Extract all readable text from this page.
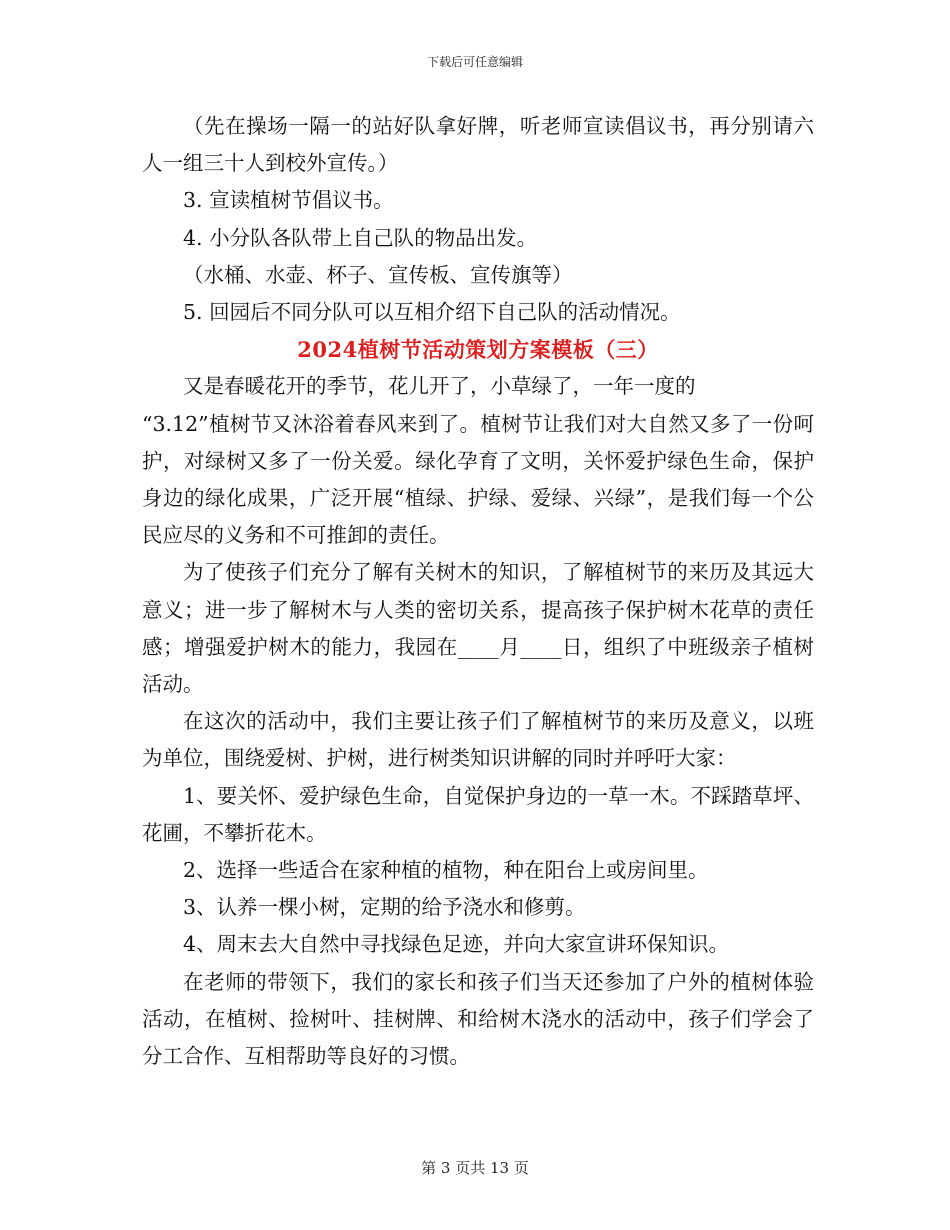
下载后可任意编辑

（先在操场一隔一的站好队拿好牌，听老师宣读倡议书，再分别请六人一组三十人到校外宣传。）

3. 宣读植树节倡议书。

4. 小分队各队带上自己队的物品出发。

（水桶、水壶、杯子、宣传板、宣传旗等）

5. 回园后不同分队可以互相介绍下自己队的活动情况。

2024植树节活动策划方案模板（三）

又是春暖花开的季节，花儿开了，小草绿了，一年一度的
“3.12”植树节又沐浴着春风来到了。植树节让我们对大自然又多了一份呵护，对绿树又多了一份关爱。绿化孕育了文明，关怀爱护绿色生命，保护身边的绿化成果，广泛开展“植绿、护绿、爱绿、兴绿”，是我们每一个公民应尽的义务和不可推卸的责任。

为了使孩子们充分了解有关树木的知识，了解植树节的来历及其远大意义；进一步了解树木与人类的密切关系，提高孩子保护树木花草的责任感；增强爱护树木的能力，我园在____月____日，组织了中班级亲子植树活动。

在这次的活动中，我们主要让孩子们了解植树节的来历及意义，以班为单位，围绕爱树、护树，进行树类知识讲解的同时并呼吁大家：

1、要关怀、爱护绿色生命，自觉保护身边的一草一木。不踩踏草坪、花圃，不攀折花木。

2、选择一些适合在家种植的植物，种在阳台上或房间里。

3、认养一棵小树，定期的给予浇水和修剪。

4、周末去大自然中寻找绿色足迹，并向大家宣讲环保知识。

在老师的带领下，我们的家长和孩子们当天还参加了户外的植树体验活动，在植树、捡树叶、挂树牌、和给树木浇水的活动中，孩子们学会了分工合作、互相帮助等良好的习惯。

第 3 页共 13 页
